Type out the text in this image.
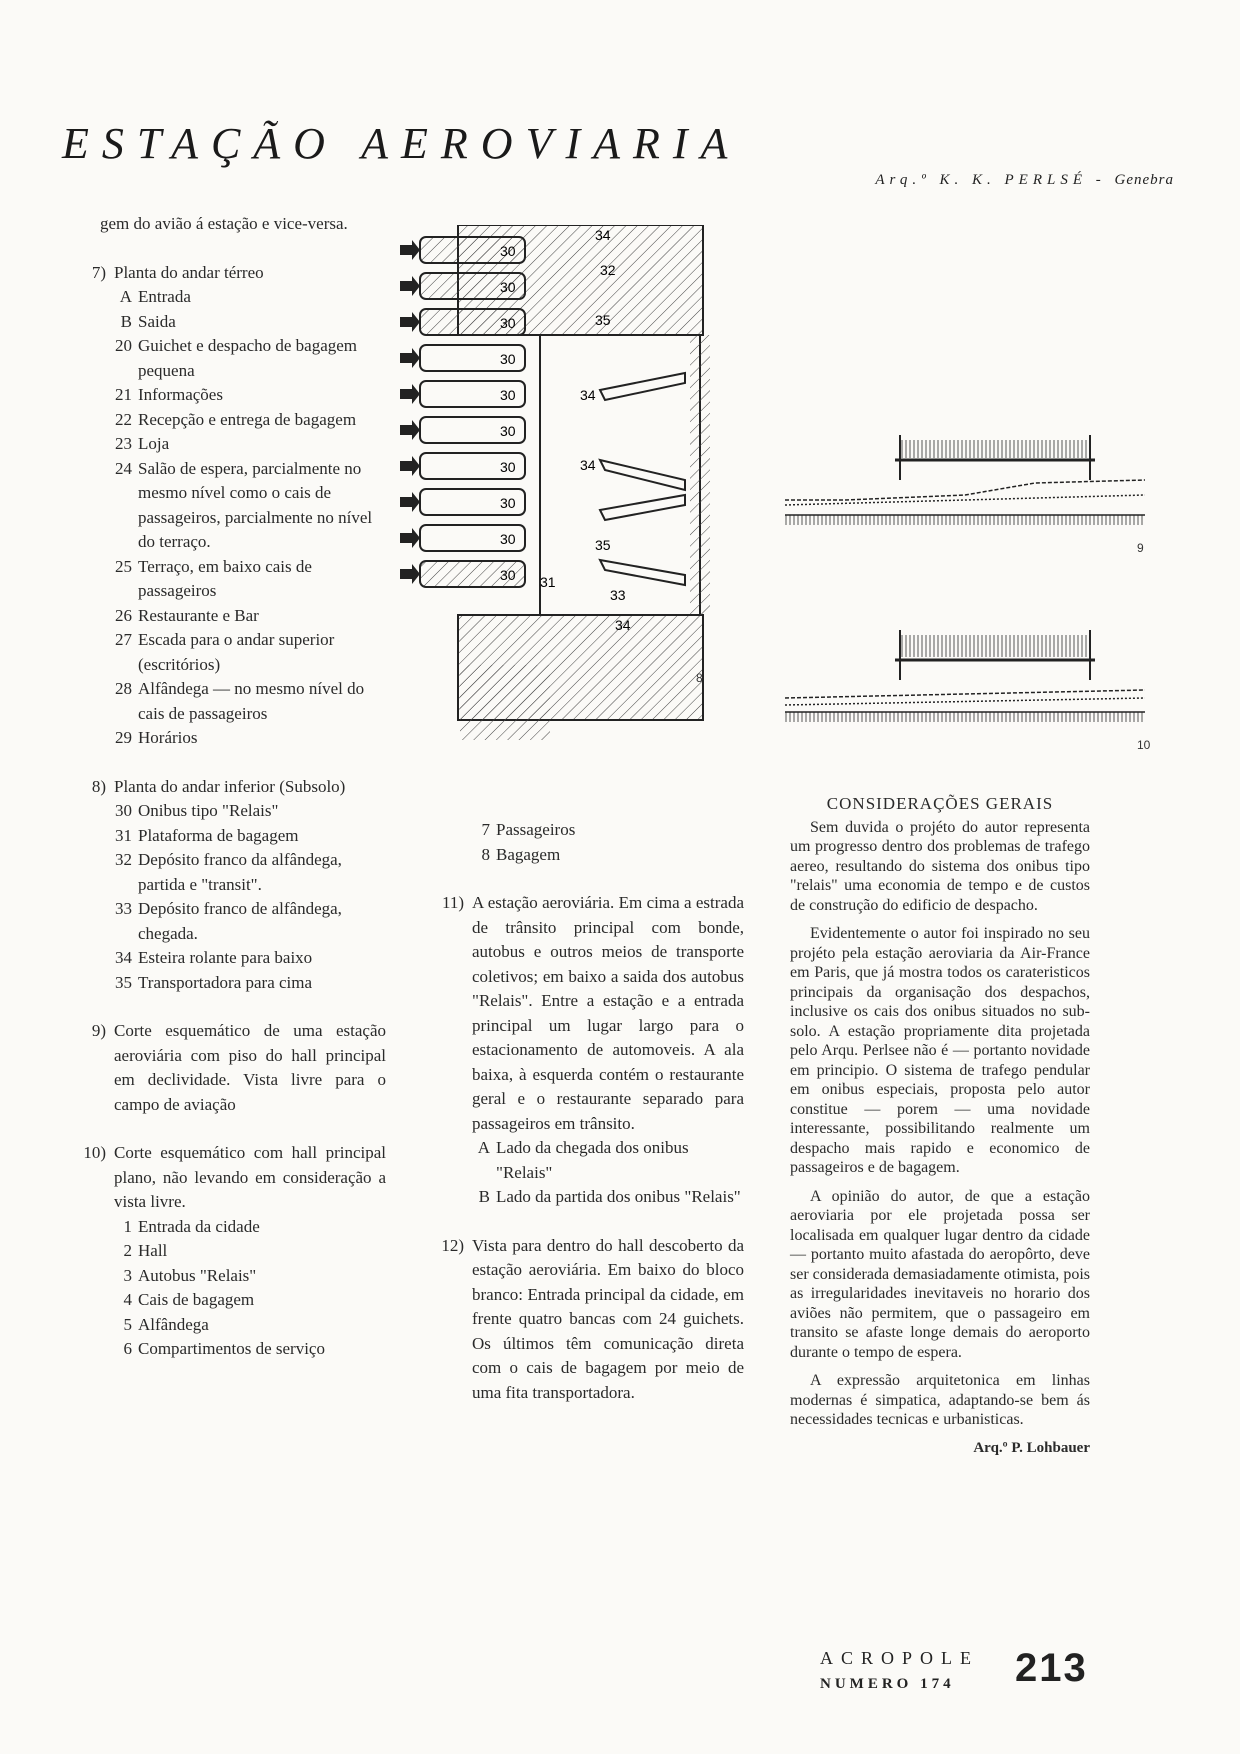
ESTAÇÃO AEROVIARIA
Arq.º K. K. PERLSÉ - Genebra
gem do avião á estação e vice-versa.
7) Planta do andar térreo
A Entrada
B Saida
20 Guichet e despacho de bagagem pequena
21 Informações
22 Recepção e entrega de bagagem
23 Loja
24 Salão de espera, parcialmente no mesmo nível como o cais de passageiros, parcialmente no nível do terraço.
25 Terraço, em baixo cais de passageiros
26 Restaurante e Bar
27 Escada para o andar superior (escritórios)
28 Alfândega — no mesmo nível do cais de passageiros
29 Horários
8) Planta do andar inferior (Subsolo)
30 Onibus tipo "Relais"
31 Plataforma de bagagem
32 Depósito franco da alfândega, partida e "transit".
33 Depósito franco de alfândega, chegada.
34 Esteira rolante para baixo
35 Transportadora para cima
9) Corte esquemático de uma estação aeroviária com piso do hall principal em declividade. Vista livre para o campo de aviação
10) Corte esquemático com hall principal plano, não levando em consideração a vista livre.
1 Entrada da cidade
2 Hall
3 Autobus "Relais"
4 Cais de bagagem
5 Alfândega
6 Compartimentos de serviço
7 Passageiros
8 Bagagem
11) A estação aeroviária. Em cima a estrada de trânsito principal com bonde, autobus e outros meios de transporte coletivos; em baixo a saida dos autobus "Relais". Entre a estação e a entrada principal um lugar largo para o estacionamento de automoveis. A ala baixa, à esquerda contém o restaurante geral e o restaurante separado para passageiros em trânsito.
A Lado da chegada dos onibus "Relais"
B Lado da partida dos onibus "Relais"
12) Vista para dentro do hall descoberto da estação aeroviária. Em baixo do bloco branco: Entrada principal da cidade, em frente quatro bancas com 24 guichets. Os últimos têm comunicação direta com o cais de bagagem por meio de uma fita transportadora.
CONSIDERAÇÕES GERAIS

Sem duvida o projéto do autor representa um progresso dentro dos problemas de trafego aereo, resultando do sistema dos onibus tipo "relais" uma economia de tempo e de custos de construção do edificio de despacho.

Evidentemente o autor foi inspirado no seu projéto pela estação aeroviaria da Air-France em Paris, que já mostra todos os carateristicos principais da organisação dos despachos, inclusive os cais dos onibus situados no sub-solo. A estação propriamente dita projetada pelo Arqu. Perlsee não é — portanto novidade em principio. O sistema de trafego pendular em onibus especiais, proposta pelo autor constitue — porem — uma novidade interessante, possibilitando realmente um despacho mais rapido e economico de passageiros e de bagagem.

A opinião do autor, de que a estação aeroviaria por ele projetada possa ser localisada em qualquer lugar dentro da cidade — portanto muito afastada do aeropôrto, deve ser considerada demasiadamente otimista, pois as irregularidades inevitaveis no horario dos aviões não permitem, que o passageiro em transito se afaste longe demais do aeroporto durante o tempo de espera.

A expressão arquitetonica em linhas modernas é simpatica, adaptando-se bem ás necessidades tecnicas e urbanisticas.

Arq.º P. Lohbauer
30
30
30
30
30
30
30
30
30
30 31
32
33
34
34
34
34
35
35
8
9
10
ACROPOLE
NUMERO 174 213
